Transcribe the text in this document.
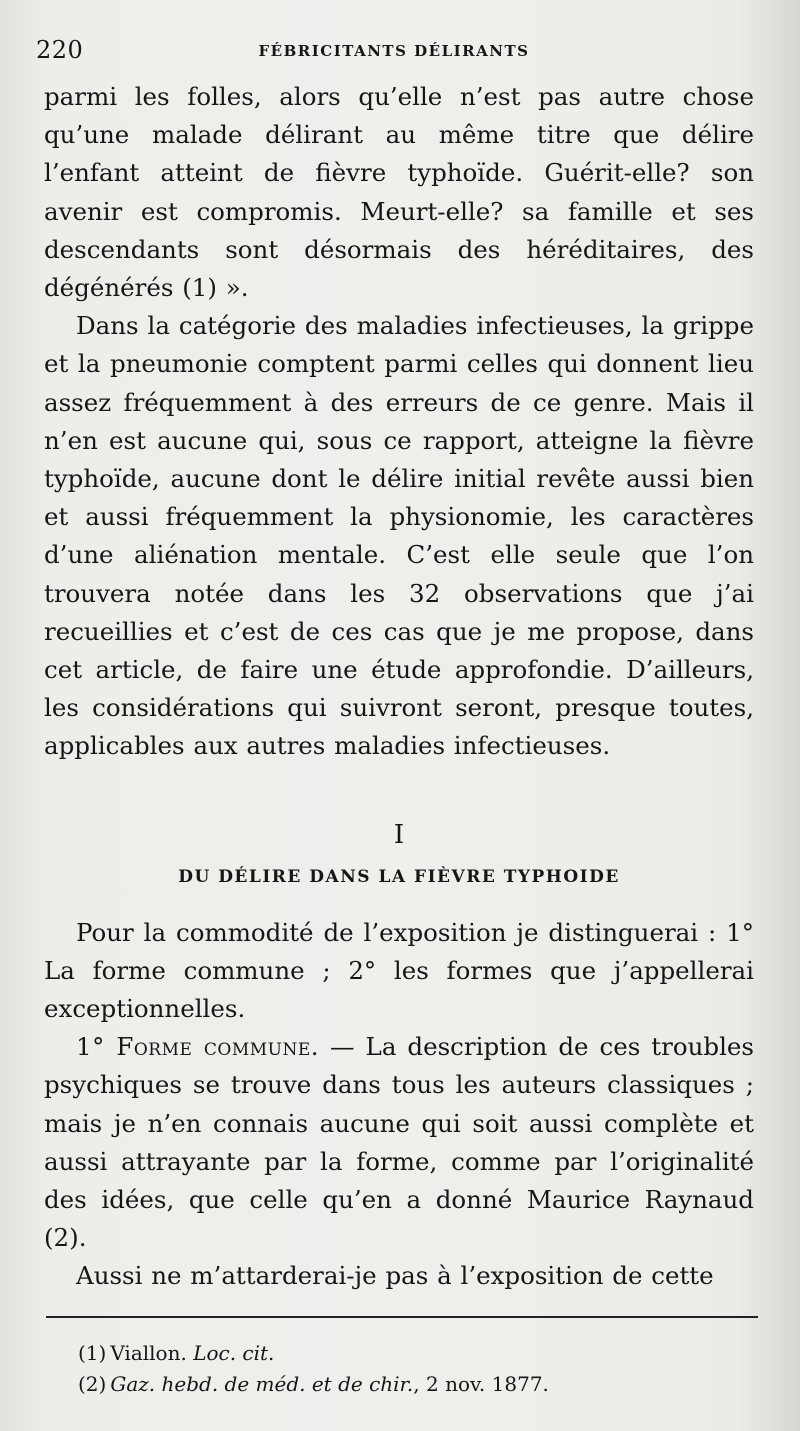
220	FÉBRICITANTS DÉLIRANTS

parmi les folles, alors qu’elle n’est pas autre chose qu’une malade délirant au même titre que délire l’enfant atteint de fièvre typhoïde. Guérit-elle? son avenir est compromis. Meurt-elle? sa famille et ses descendants sont désormais des héréditaires, des dégénérés (1) ».

Dans la catégorie des maladies infectieuses, la grippe et la pneumonie comptent parmi celles qui donnent lieu assez fréquemment à des erreurs de ce genre. Mais il n’en est aucune qui, sous ce rapport, atteigne la fièvre typhoïde, aucune dont le délire initial revête aussi bien et aussi fréquemment la physionomie, les caractères d’une aliénation mentale. C’est elle seule que l’on trouvera notée dans les 32 observations que j’ai recueillies et c’est de ces cas que je me propose, dans cet article, de faire une étude approfondie. D’ailleurs, les considérations qui suivront seront, presque toutes, applicables aux autres maladies infectieuses.

I
DU DÉLIRE DANS LA FIÈVRE TYPHOIDE

Pour la commodité de l’exposition je distinguerai : 1° La forme commune ; 2° les formes que j’appellerai exceptionnelles.

1° Forme commune. — La description de ces troubles psychiques se trouve dans tous les auteurs classiques ; mais je n’en connais aucune qui soit aussi complète et aussi attrayante par la forme, comme par l’originalité des idées, que celle qu’en a donné Maurice Raynaud (2).

Aussi ne m’attarderai-je pas à l’exposition de cette

(1) Viallon. Loc. cit.

(2) Gaz. hebd. de méd. et de chir., 2 nov. 1877.
